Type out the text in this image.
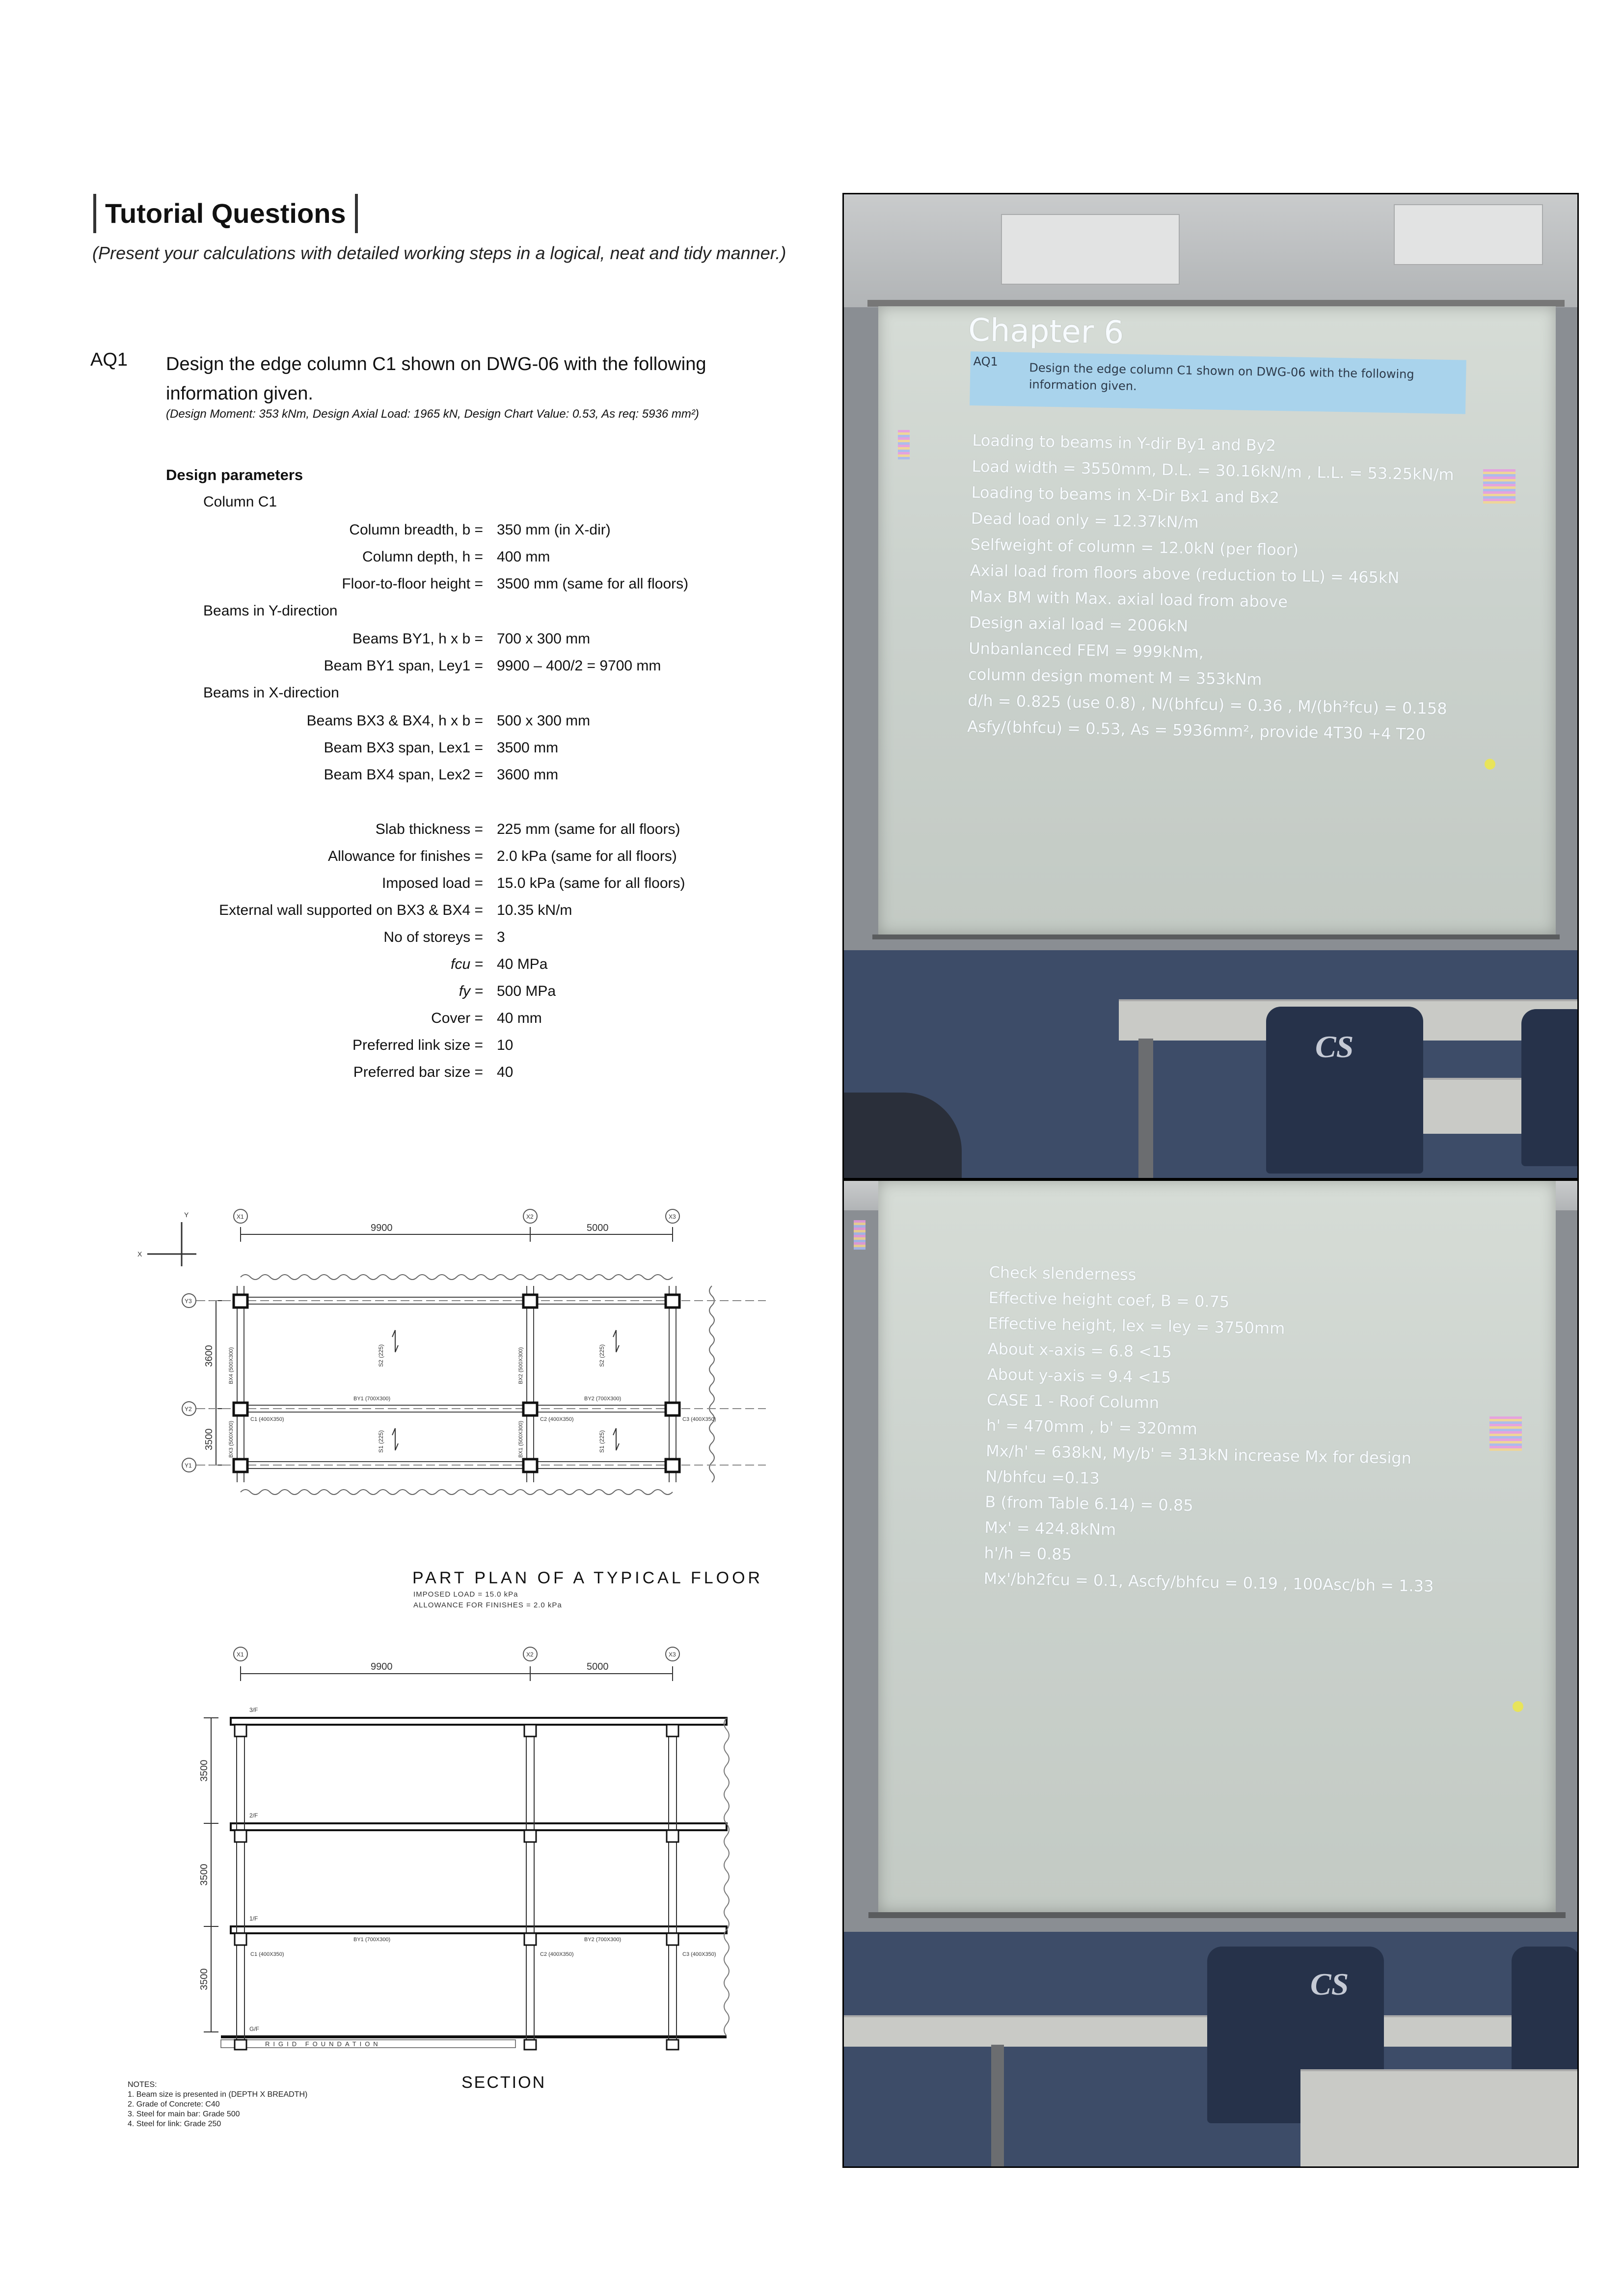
Tutorial Questions
(Present your calculations with detailed working steps in a logical, neat and tidy manner.)
AQ1 Design the edge column C1 shown on DWG-06 with the following information given.
(Design Moment: 353 kNm, Design Axial Load: 1965 kN, Design Chart Value: 0.53, As req: 5936 mm²)
Design parameters
Column C1
Column breadth, b = 350 mm (in X-dir)
Column depth, h = 400 mm
Floor-to-floor height = 3500 mm (same for all floors)
Beams in Y-direction
Beams BY1, h x b = 700 x 300 mm
Beam BY1 span, Ley1 = 9900 – 400/2 = 9700 mm
Beams in X-direction
Beams BX3 & BX4, h x b = 500 x 300 mm
Beam BX3 span, Lex1 = 3500 mm
Beam BX4 span, Lex2 = 3600 mm
Slab thickness = 225 mm (same for all floors)
Allowance for finishes = 2.0 kPa (same for all floors)
Imposed load = 15.0 kPa (same for all floors)
External wall supported on BX3 & BX4 = 10.35 kN/m
No of storeys = 3
fcu = 40 MPa
fy = 500 MPa
Cover = 40 mm
Preferred link size = 10
Preferred bar size = 40
Y
X
X1	X2	X3
9900	5000
Y3
Y2
Y1
3600
3500
BY1 (700X300)	BY2 (700X300)
C1 (400X350)	C2 (400X350)	C3 (400X350)
BX4 (500X300)
BX3 (500X300)
BX2 (500X300)
BX1 (500X300)
S2 (225)	S2 (225)
S1 (225)	S1 (225)
PART PLAN OF A TYPICAL FLOOR
IMPOSED LOAD = 15.0 kPa
ALLOWANCE FOR FINISHES = 2.0 kPa
X1	X2	X3
9900	5000
3500
3500
3500
RIGID FOUNDATION
3/F
2/F
1/F
G/F
BY1 (700X300)	BY2 (700X300)
C1 (400X350)	C2 (400X350)	C3 (400X350)
SECTION
NOTES:
1. Beam size is presented in (DEPTH X BREADTH)
2. Grade of Concrete: C40
3. Steel for main bar: Grade 500
4. Steel for link: Grade 250
Chapter 6
AQ1	Design the edge column C1 shown on DWG-06 with the following information given.
Loading to beams in Y-dir By1 and By2
Load width = 3550mm, D.L. = 30.16kN/m , L.L. = 53.25kN/m
Loading to beams in X-Dir Bx1 and Bx2
Dead load only = 12.37kN/m
Selfweight of column = 12.0kN (per floor)
Axial load from floors above (reduction to LL) = 465kN
Max BM with Max. axial load from above
Design axial load = 2006kN
Unbanlanced FEM = 999kNm,
column design moment M = 353kNm
d/h = 0.825 (use 0.8) , N/(bhfcu) = 0.36 , M/(bh²fcu) = 0.158
Asfy/(bhfcu) = 0.53, As = 5936mm², provide 4T30 +4 T20
CS
Check slenderness
Effective height coef, B = 0.75
Effective height, lex = ley = 3750mm
About x-axis = 6.8 <15
About y-axis = 9.4 <15
CASE 1 - Roof Column
h' = 470mm , b' = 320mm
Mx/h' = 638kN, My/b' = 313kN increase Mx for design
N/bhfcu =0.13
B (from Table 6.14) = 0.85
Mx' = 424.8kNm
h'/h = 0.85
Mx'/bh2fcu = 0.1, Ascfy/bhfcu = 0.19 , 100Asc/bh = 1.33
CS
